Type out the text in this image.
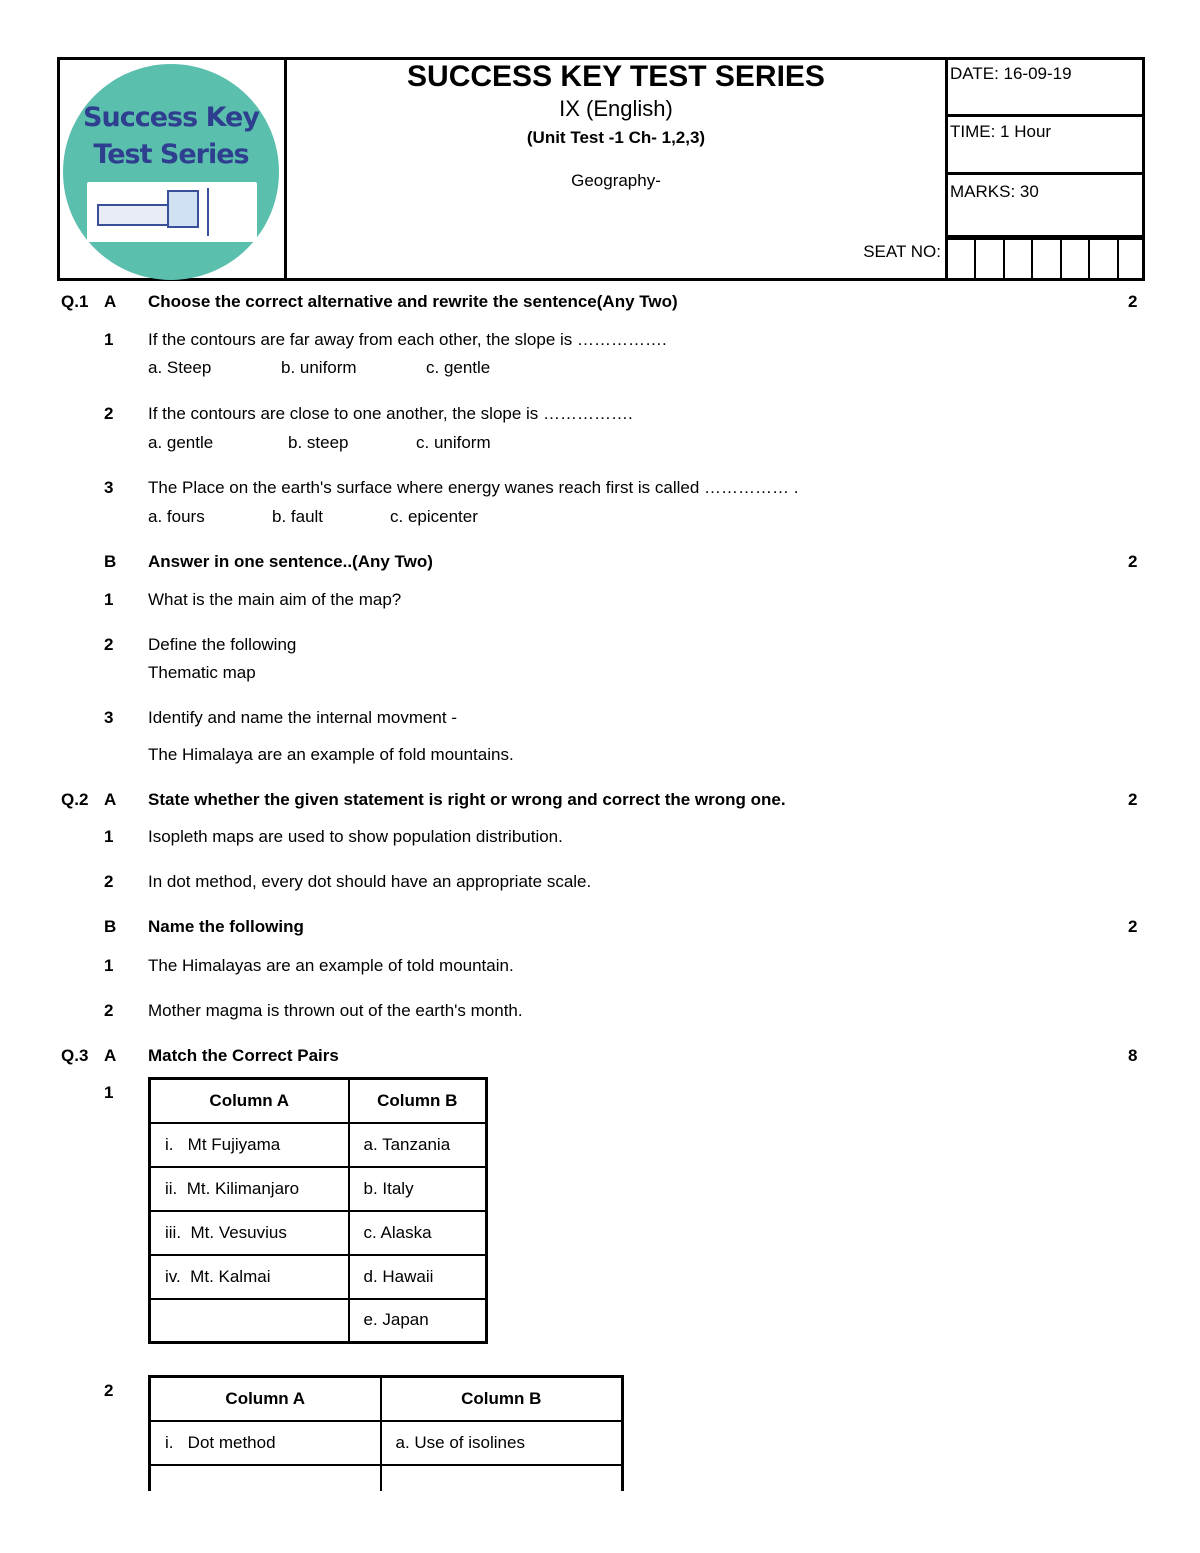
Success Key
Test Series
SUCCESS KEY TEST SERIES
IX (English)
(Unit Test -1 Ch- 1,2,3)
Geography-
SEAT NO:
DATE: 16-09-19
TIME: 1 Hour
MARKS: 30
Q.1 A Choose the correct alternative and rewrite the sentence(Any Two)	2
1 If the contours are far away from each other, the slope is …………….
a. Steep	b. uniform	c. gentle
2 If the contours are close to one another, the slope is …………….
a. gentle	b. steep	c. uniform
3 The Place on the earth's surface where energy wanes reach first is called …………… .
a. fours	b. fault	c. epicenter
B Answer in one sentence..(Any Two)	2
1 What is the main aim of the map?
2 Define the following
Thematic map
3 Identify and name the internal movment -
The Himalaya are an example of fold mountains.
Q.2 A State whether the given statement is right or wrong and correct the wrong one.	2
1 Isopleth maps are used to show population distribution.
2 In dot method, every dot should have an appropriate scale.
B Name the following	2
1 The Himalayas are an example of told mountain.
2 Mother magma is thrown out of the earth's month.
Q.3 A Match the Correct Pairs	8
1	Column A	Column B
i.   Mt Fujiyama	a. Tanzania
ii.  Mt. Kilimanjaro	b. Italy
iii.  Mt. Vesuvius	c. Alaska
iv.  Mt. Kalmai	d. Hawaii
	e. Japan
2	Column A	Column B
i.   Dot method	a. Use of isolines
